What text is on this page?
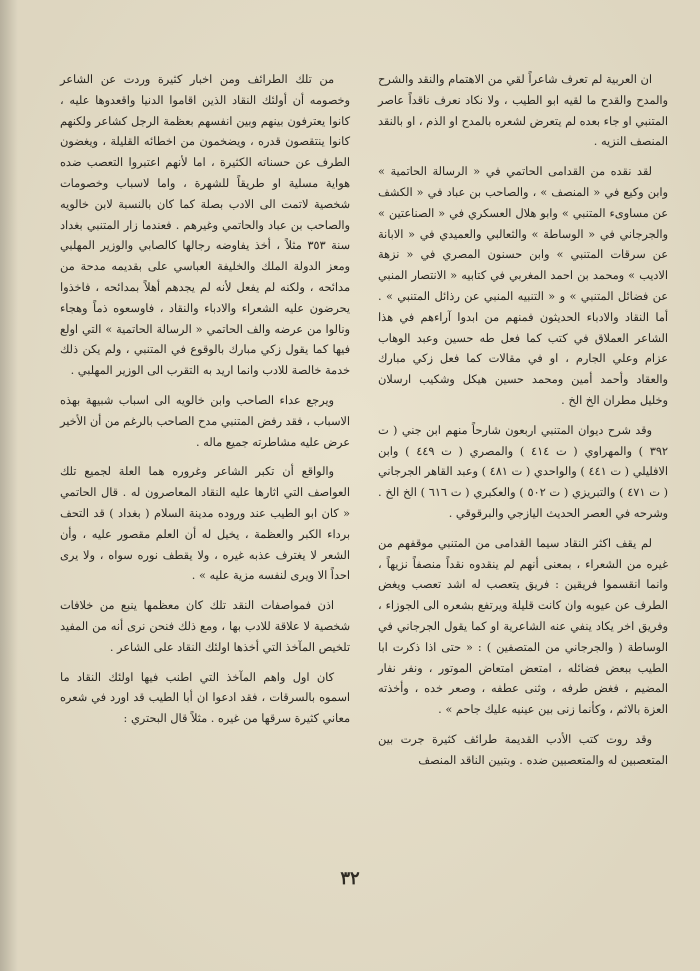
ان العربية لم تعرف شاعراً لقي من الاهتمام والنقد والشرح والمدح والقدح ما لقيه ابو الطيب ، ولا نكاد نعرف ناقداً عاصر المتنبي او جاء بعده لم يتعرض لشعره بالمدح او الذم ، او بالنقد المنصف النزيه .

لقد نقده من القدامى الحاتمي في « الرسالة الحاتمية » وابن وكيع في « المنصف » ، والصاحب بن عباد في « الكشف عن مساوىء المتنبي » وابو هلال العسكري في « الصناعتين » والجرجاني في « الوساطة » والثعالبي والعميدي في « الابانة عن سرقات المتنبي » وابن حسنون المصري في « نزهة الاديب » ومحمد بن احمد المغربي في كتابيه « الانتصار المنبي عن فضائل المتنبي » و « التنبيه المنبي عن رذائل المتنبي » . أما النقاد والادباء الحديثون فمنهم من ابدوا آراءهم في هذا الشاعر العملاق في كتب كما فعل طه حسين وعبد الوهاب عزام وعلي الجارم ، او في مقالات كما فعل زكي مبارك والعقاد وأحمد أمين ومحمد حسين هيكل وشكيب ارسلان وخليل مطران الخ الخ .

وقد شرح ديوان المتنبي اربعون شارحاً منهم ابن جني ( ت ٣٩٢ ) والمهراوي ( ت ٤١٤ ) والمصري ( ت ٤٤٩ ) وابن الافليلي ( ت ٤٤١ ) والواحدي ( ت ٤٨١ ) وعبد القاهر الجرجاني ( ت ٤٧١ ) والتبريزي ( ت ٥٠٢ ) والعكبري ( ت ٦١٦ ) الخ الخ . وشرحه في العصر الحديث اليازجي والبرقوقي .

لم يقف اكثر النقاد سيما القدامى من المتنبي موقفهم من غيره من الشعراء ، بمعنى أنهم لم ينقدوه نقداً منصفاً نزيهاً ، وانما انقسموا فريقين : فريق يتعصب له اشد تعصب ويغض الطرف عن عيوبه وان كانت قليلة ويرتفع بشعره الى الجوزاء ، وفريق اخر يكاد ينفي عنه الشاعرية او كما يقول الجرجاني في الوساطة ( والجرجاني من المتصفين ) : « حتى اذا ذكرت ابا الطيب ببعض فضائله ، امتعض امتعاض الموتور ، ونفر نفار المضيم ، فغض طرفه ، وثنى عطفه ، وصعر خده ، وأخذته العزة بالاثم ، وكأنما زنى بين عينيه عليك جاحم » .

وقد روت كتب الأدب القديمة طرائف كثيرة جرت بين المتعصبين له والمتعصبين ضده . وبتبين الناقد المنصف

من تلك الطرائف ومن اخبار كثيرة وردت عن الشاعر وخصومه أن أولئك النقاد الذين اقاموا الدنيا واقعدوها عليه ، كانوا يعترفون بينهم وبين انفسهم بعظمة الرجل كشاعر ولكنهم كانوا ينتقصون قدره ، ويضخمون من اخطائه القليلة ، ويغضون الطرف عن حسناته الكثيرة ، اما لأنهم اعتبروا التعصب ضده هواية مسلية او طريقاً للشهرة ، واما لاسباب وخصومات شخصية لاتمت الى الادب بصلة كما كان بالنسبة لابن خالويه والصاحب بن عباد والحاتمي وغيرهم . فعندما زار المتنبي بغداد سنة ٣٥٣ مثلاً ، أخذ يفاوضه رجالها كالصابي والوزير المهلبي ومعز الدولة الملك والخليفة العباسي على بقديمه مدحة من مدائحه ، ولكنه لم يفعل لأنه لم يجدهم أهلاً بمدائحه ، فاخذوا يحرضون عليه الشعراء والادباء والنقاد ، فاوسعوه ذماً وهجاء ونالوا من عرضه والف الحاتمي « الرسالة الحاتمية » التي اولع فيها كما يقول زكي مبارك بالوقوع في المتنبي ، ولم يكن ذلك خدمة خالصة للادب وانما اريد به التقرب الى الوزير المهلبي .

ويرجع عداء الصاحب وابن خالويه الى اسباب شبيهة بهذه الاسباب ، فقد رفض المتنبي مدح الصاحب بالرغم من أن الأخير عرض عليه مشاطرته جميع ماله .

والواقع أن تكبر الشاعر وغروره هما العلة لجميع تلك العواصف التي اثارها عليه النقاد المعاصرون له . قال الحاتمي « كان ابو الطيب عند وروده مدينة السلام ( بغداد ) قد التحف برداء الكبر والعظمة ، يخيل له أن العلم مقصور عليه ، وأن الشعر لا يغترف عذبه غيره ، ولا يقطف نوره سواه ، ولا يرى احداً الا ويرى لنفسه مزية عليه » .

اذن فمواصفات النقد تلك كان معظمها ينبع من خلافات شخصية لا علاقة للادب بها ، ومع ذلك فنحن نرى أنه من المفيد تلخيص المآخذ التي أخذها اولئك النقاد على الشاعر .

كان اول واهم المآخذ التي اطنب فيها اولئك النقاد ما اسموه بالسرقات ، فقد ادعوا ان أبا الطيب قد اورد في شعره معاني كثيرة سرقها من غيره . مثلاً قال البحتري :

٣٢
